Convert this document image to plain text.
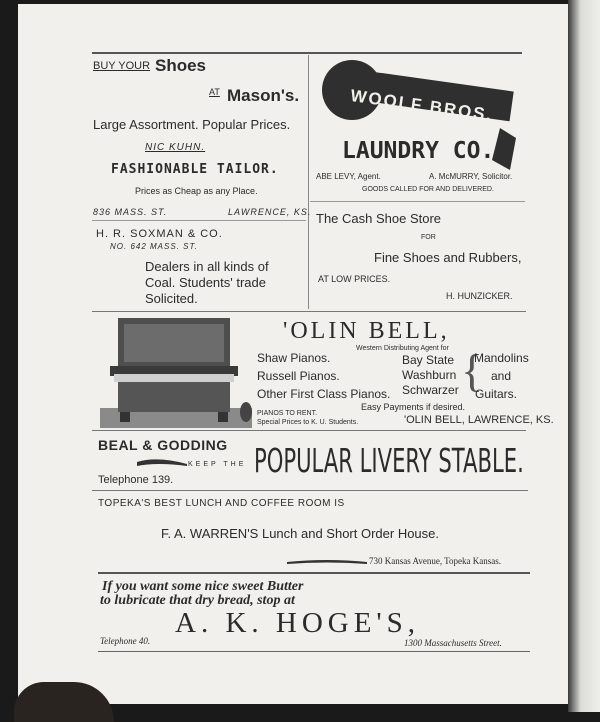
BUY YOUR Shoes
AT Mason's.
Large Assortment. Popular Prices.
NIC KUHN.
FASHIONABLE TAILOR.
Prices as Cheap as any Place.
836 MASS. ST.	LAWRENCE, KS.
H. R. SOXMAN & CO.
NO. 642 MASS. ST.
Dealers in all kinds of
Coal. Students' trade
Solicited.
WOOLF BROS.
LAUNDRY CO.
ABE LEVY, Agent.	A. McMURRY, Solicitor.
GOODS CALLED FOR AND DELIVERED.
The Cash Shoe Store
FOR
Fine Shoes and Rubbers,
AT LOW PRICES.
H. HUNZICKER.
'OLIN BELL,
Western Distributing Agent for
Shaw Pianos.
Russell Pianos.
Other First Class Pianos.
Bay State
Washburn
Schwarzer {
Mandolins
and
Guitars.
Easy Payments if desired.
PIANOS TO RENT.
Special Prices to K. U. Students.	'OLIN BELL, LAWRENCE, KS.
BEAL & GODDING
KEEP THE
Telephone 139. POPULAR LIVERY STABLE.
TOPEKA'S BEST LUNCH AND COFFEE ROOM IS
F. A. WARREN'S Lunch and Short Order House.
730 Kansas Avenue, Topeka Kansas.
If you want some nice sweet Butter
to lubricate that dry bread, stop at
A. K. HOGE'S,
Telephone 40.	1300 Massachusetts Street.
